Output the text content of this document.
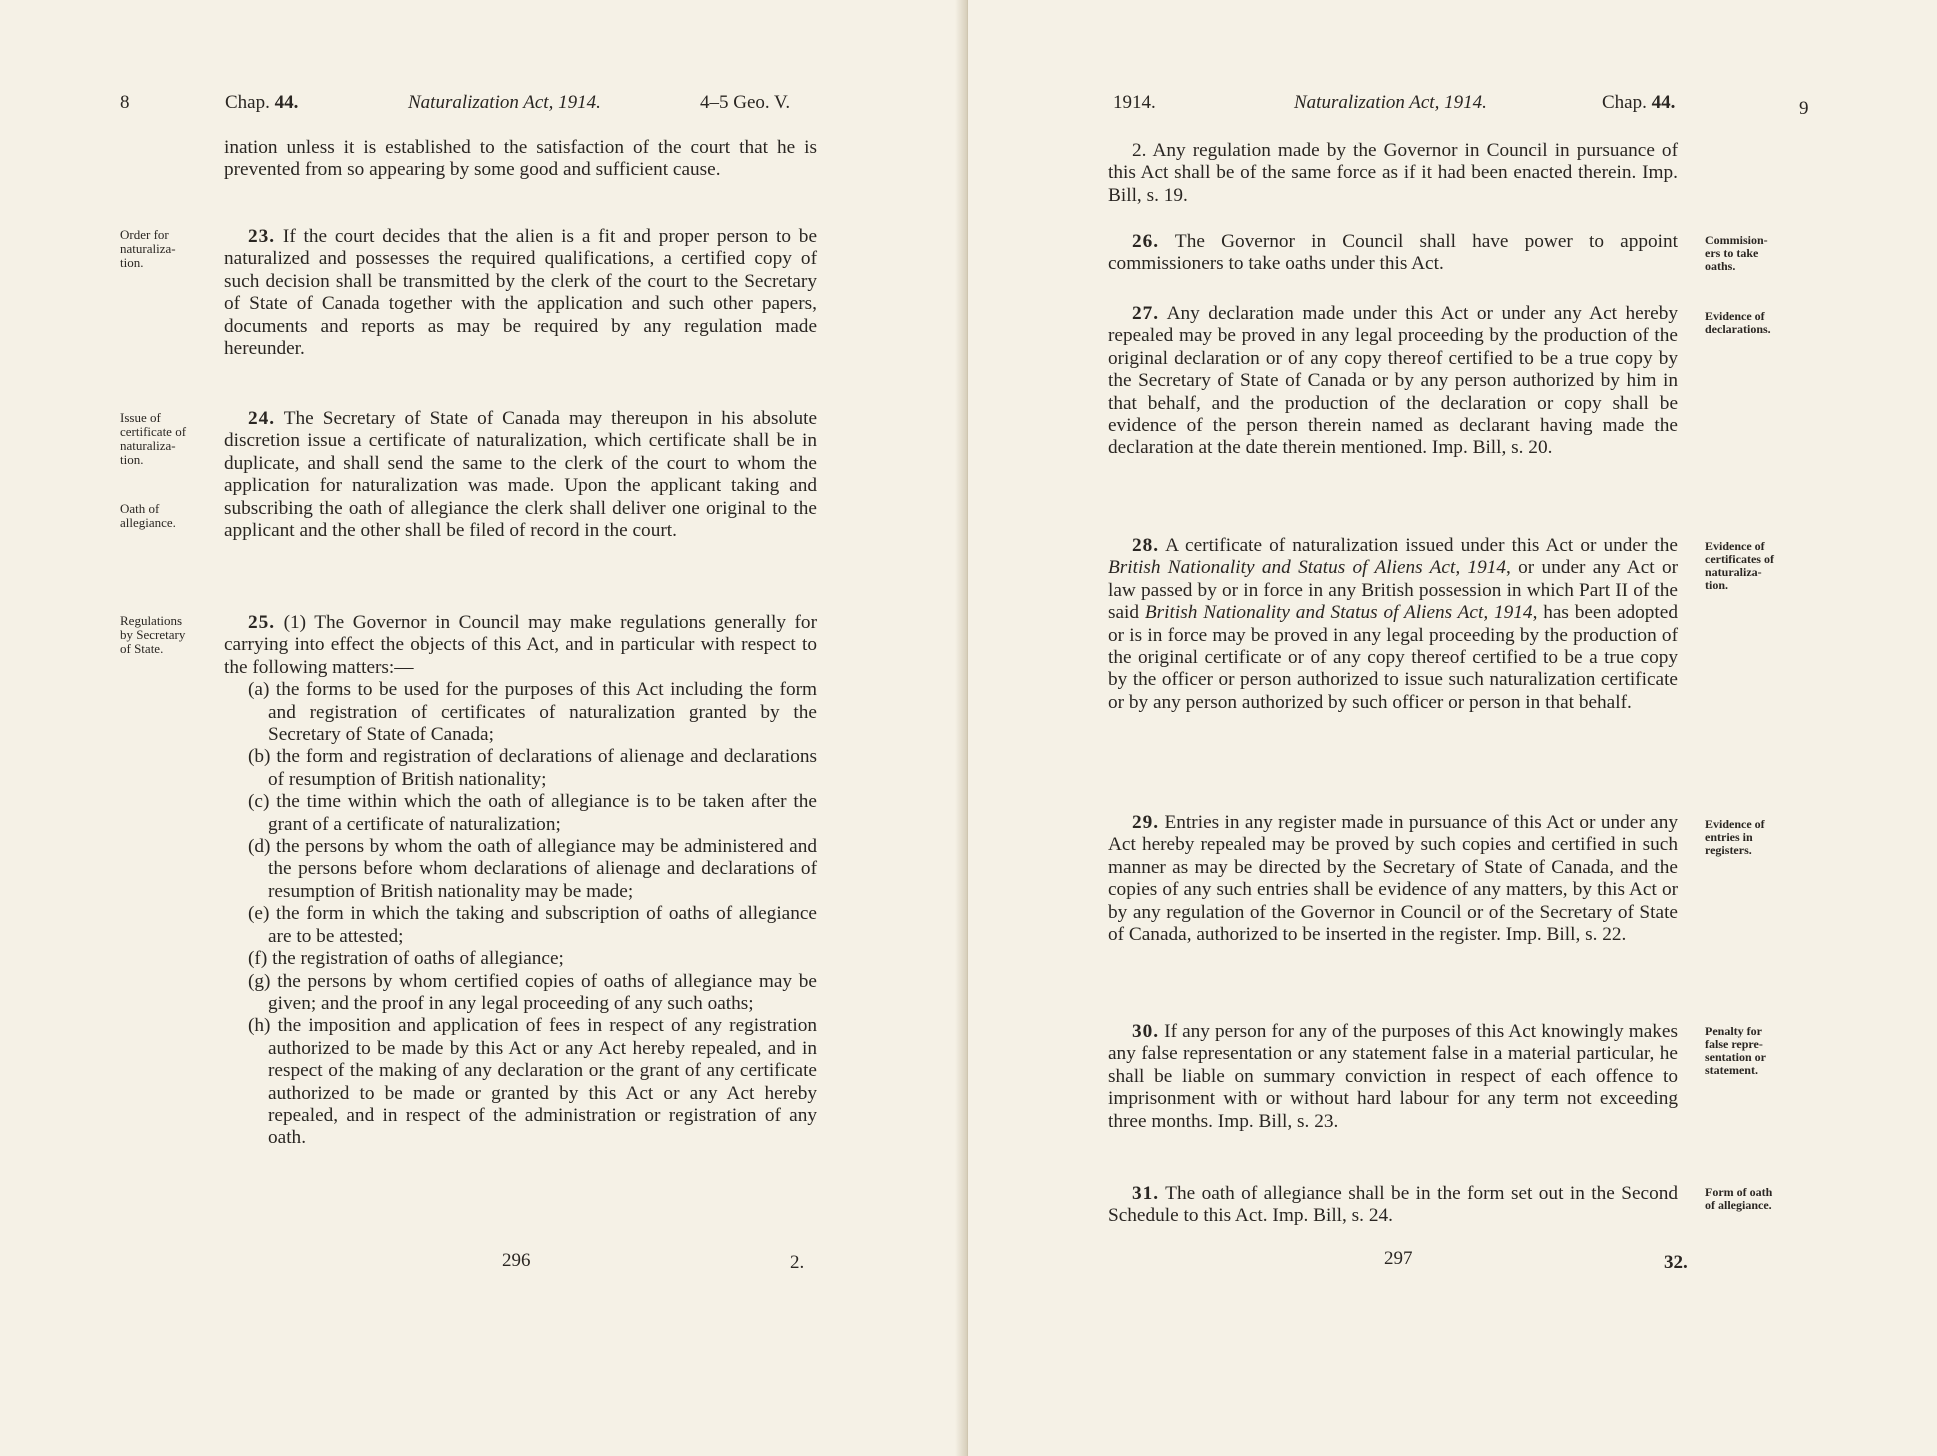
8	Chap. 44.	Naturalization Act, 1914.	4–5 Geo. V.

ination unless it is established to the satisfaction of the court that he is prevented from so appearing by some good and sufficient cause.

23. If the court decides that the alien is a fit and proper person to be naturalized and possesses the required qualifications, a certified copy of such decision shall be transmitted by the clerk of the court to the Secretary of State of Canada together with the application and such other papers, documents and reports as may be required by any regulation made hereunder.

24. The Secretary of State of Canada may thereupon in his absolute discretion issue a certificate of naturalization, which certificate shall be in duplicate, and shall send the same to the clerk of the court to whom the application for naturalization was made. Upon the applicant taking and subscribing the oath of allegiance the clerk shall deliver one original to the applicant and the other shall be filed of record in the court.

25. (1) The Governor in Council may make regulations generally for carrying into effect the objects of this Act, and in particular with respect to the following matters:—

(a) the forms to be used for the purposes of this Act including the form and registration of certificates of naturalization granted by the Secretary of State of Canada;

(b) the form and registration of declarations of alienage and declarations of resumption of British nationality;

(c) the time within which the oath of allegiance is to be taken after the grant of a certificate of naturalization;

(d) the persons by whom the oath of allegiance may be administered and the persons before whom declarations of alienage and declarations of resumption of British nationality may be made;

(e) the form in which the taking and subscription of oaths of allegiance are to be attested;

(f) the registration of oaths of allegiance;

(g) the persons by whom certified copies of oaths of allegiance may be given; and the proof in any legal proceeding of any such oaths;

(h) the imposition and application of fees in respect of any registration authorized to be made by this Act or any Act hereby repealed, and in respect of the making of any declaration or the grant of any certificate authorized to be made or granted by this Act or any Act hereby repealed, and in respect of the administration or registration of any oath.

Order for
naturaliza-
tion.
Issue of
certificate of
naturaliza-
tion.
Oath of
allegiance.
Regulations
by Secretary
of State.
296	2.
1914.	Naturalization Act, 1914.	Chap. 44.	9

2. Any regulation made by the Governor in Council in pursuance of this Act shall be of the same force as if it had been enacted therein. Imp. Bill, s. 19.

26. The Governor in Council shall have power to appoint commissioners to take oaths under this Act.

27. Any declaration made under this Act or under any Act hereby repealed may be proved in any legal proceeding by the production of the original declaration or of any copy thereof certified to be a true copy by the Secretary of State of Canada or by any person authorized by him in that behalf, and the production of the declaration or copy shall be evidence of the person therein named as declarant having made the declaration at the date therein mentioned. Imp. Bill, s. 20.

28. A certificate of naturalization issued under this Act or under the British Nationality and Status of Aliens Act, 1914, or under any Act or law passed by or in force in any British possession in which Part II of the said British Nationality and Status of Aliens Act, 1914, has been adopted or is in force may be proved in any legal proceeding by the production of the original certificate or of any copy thereof certified to be a true copy by the officer or person authorized to issue such naturalization certificate or by any person authorized by such officer or person in that behalf.

29. Entries in any register made in pursuance of this Act or under any Act hereby repealed may be proved by such copies and certified in such manner as may be directed by the Secretary of State of Canada, and the copies of any such entries shall be evidence of any matters, by this Act or by any regulation of the Governor in Council or of the Secretary of State of Canada, authorized to be inserted in the register. Imp. Bill, s. 22.

30. If any person for any of the purposes of this Act knowingly makes any false representation or any statement false in a material particular, he shall be liable on summary conviction in respect of each offence to imprisonment with or without hard labour for any term not exceeding three months. Imp. Bill, s. 23.

31. The oath of allegiance shall be in the form set out in the Second Schedule to this Act. Imp. Bill, s. 24.

Commision-
ers to take
oaths.
Evidence of
declarations.
Evidence of
certificates of
naturaliza-
tion.
Evidence of
entries in
registers.
Penalty for
false repre-
sentation or
statement.
Form of oath
of allegiance.
297	32.
